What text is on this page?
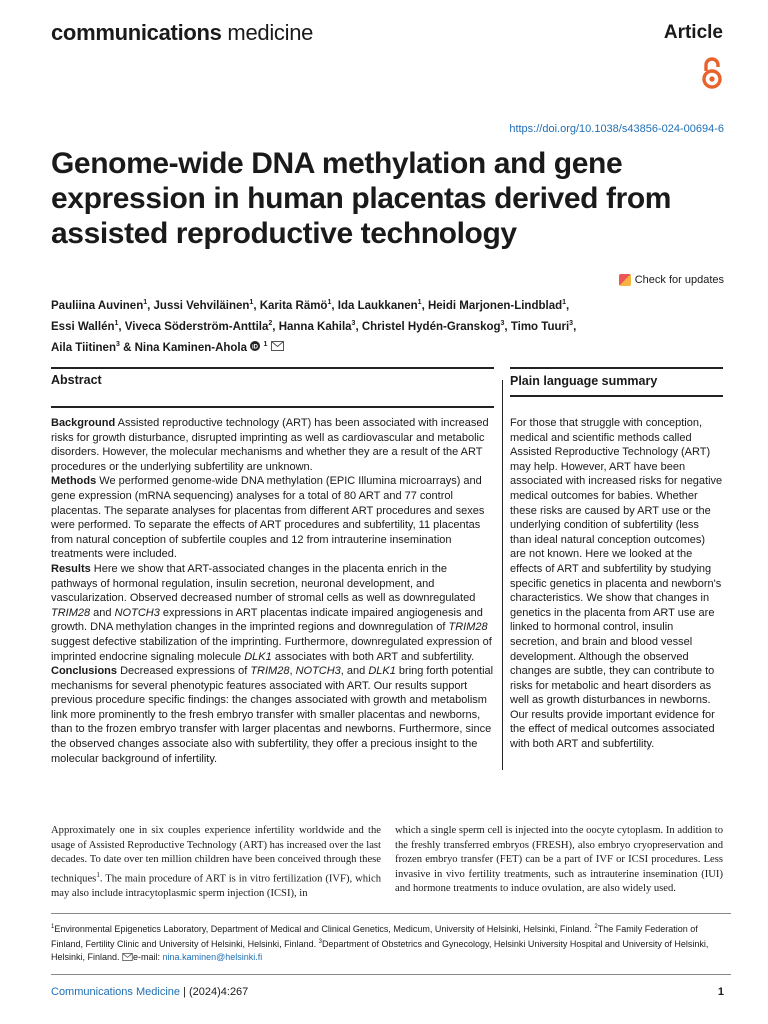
communications medicine	Article
https://doi.org/10.1038/s43856-024-00694-6
Genome-wide DNA methylation and gene expression in human placentas derived from assisted reproductive technology
Check for updates
Pauliina Auvinen$^1$, Jussi Vehviläinen$^1$, Karita Rämö$^1$, Ida Laukkanen$^1$, Heidi Marjonen-Lindblad$^1$,
Essi Wallén$^1$, Viveca Söderström-Anttila$^2$, Hanna Kahila$^3$, Christel Hydén-Granskog$^3$, Timo Tuuri$^3$,
Aila Tiitinen$^3$ & Nina Kaminen-Ahola iD
$^1$
Abstract	Plain language summary

Background Assisted reproductive technology (ART) has been associated with increased risks for growth disturbance, disrupted imprinting as well as cardiovascular and metabolic disorders. However, the molecular mechanisms and whether they are a result of the ART procedures or the underlying subfertility are unknown.

Methods We performed genome-wide DNA methylation (EPIC Illumina microarrays) and gene expression (mRNA sequencing) analyses for a total of 80 ART and 77 control placentas. The separate analyses for placentas from different ART procedures and sexes were performed. To separate the effects of ART procedures and subfertility, 11 placentas from natural conception of subfertile couples and 12 from intrauterine insemination treatments were included.

Results Here we show that ART-associated changes in the placenta enrich in the pathways of hormonal regulation, insulin secretion, neuronal development, and vascularization. Observed decreased number of stromal cells as well as downregulated TRIM28 and NOTCH3 expressions in ART placentas indicate impaired angiogenesis and growth. DNA methylation changes in the imprinted regions and downregulation of TRIM28 suggest defective stabilization of the imprinting. Furthermore, downregulated expression of imprinted endocrine signaling molecule DLK1 associates with both ART and subfertility.

Conclusions Decreased expressions of TRIM28, NOTCH3, and DLK1 bring forth potential mechanisms for several phenotypic features associated with ART. Our results support previous procedure specific findings: the changes associated with growth and metabolism link more prominently to the fresh embryo transfer with smaller placentas and newborns, than to the frozen embryo transfer with larger placentas and newborns. Furthermore, since the observed changes associate also with subfertility, they offer a precious insight to the molecular background of infertility.

For those that struggle with conception, medical and scientific methods called Assisted Reproductive Technology (ART) may help. However, ART have been associated with increased risks for negative medical outcomes for babies. Whether these risks are caused by ART use or the underlying condition of subfertility (less than ideal natural conception outcomes) are not known. Here we looked at the effects of ART and subfertility by studying specific genetics in placenta and newborn's characteristics. We show that changes in genetics in the placenta from ART use are linked to hormonal control, insulin secretion, and brain and blood vessel development. Although the observed changes are subtle, they can contribute to risks for metabolic and heart disorders as well as growth disturbances in newborns. Our results provide important evidence for the effect of medical outcomes associated with both ART and subfertility.
Approximately one in six couples experience infertility worldwide and the usage of Assisted Reproductive Technology (ART) has increased over the last decades. To date over ten million children have been conceived through these techniques$^1$. The main procedure of ART is in vitro fertilization (IVF), which may also include intracytoplasmic sperm injection (ICSI), in
which a single sperm cell is injected into the oocyte cytoplasm. In addition to the freshly transferred embryos (FRESH), also embryo cryopreservation and frozen embryo transfer (FET) can be a part of IVF or ICSI procedures. Less invasive in vivo fertility treatments, such as intrauterine insemination (IUI) and hormone treatments to induce ovulation, are also widely used.
$^1$Environmental Epigenetics Laboratory, Department of Medical and Clinical Genetics, Medicum, University of Helsinki, Helsinki, Finland. $^2$The Family Federation of Finland, Fertility Clinic and University of Helsinki, Helsinki, Finland. $^3$Department of Obstetrics and Gynecology, Helsinki University Hospital and University of Helsinki, Helsinki, Finland. e-mail: nina.kaminen@helsinki.fi
Communications Medicine | (2024)4:267	1
